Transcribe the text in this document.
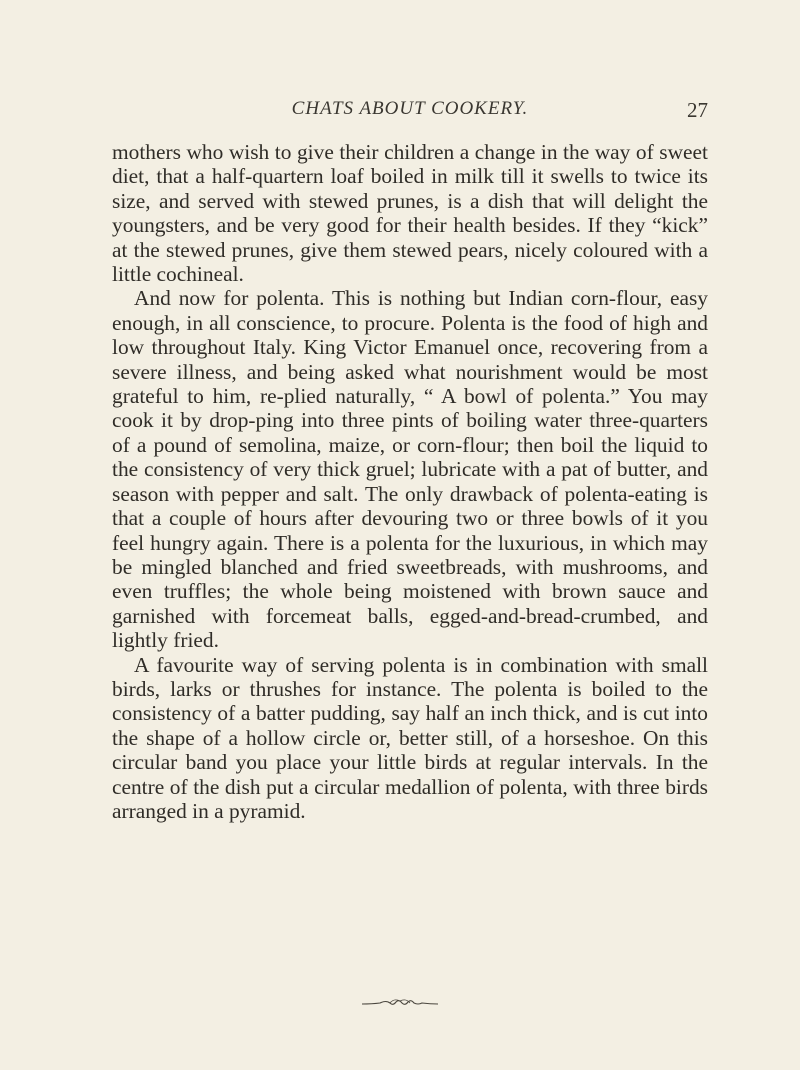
CHATS ABOUT COOKERY.	27

mothers who wish to give their children a change in the way of sweet diet, that a half-quartern loaf boiled in milk till it swells to twice its size, and served with stewed prunes, is a dish that will delight the youngsters, and be very good for their health besides. If they “kick” at the stewed prunes, give them stewed pears, nicely coloured with a little cochineal.

And now for polenta. This is nothing but Indian corn-flour, easy enough, in all conscience, to procure. Polenta is the food of high and low throughout Italy. King Victor Emanuel once, recovering from a severe illness, and being asked what nourishment would be most grateful to him, re-plied naturally, “ A bowl of polenta.” You may cook it by drop-ping into three pints of boiling water three-quarters of a pound of semolina, maize, or corn-flour; then boil the liquid to the consistency of very thick gruel; lubricate with a pat of butter, and season with pepper and salt. The only drawback of polenta-eating is that a couple of hours after devouring two or three bowls of it you feel hungry again. There is a polenta for the luxurious, in which may be mingled blanched and fried sweetbreads, with mushrooms, and even truffles; the whole being moistened with brown sauce and garnished with forcemeat balls, egged-and-bread-crumbed, and lightly fried.

A favourite way of serving polenta is in combination with small birds, larks or thrushes for instance. The polenta is boiled to the consistency of a batter pudding, say half an inch thick, and is cut into the shape of a hollow circle or, better still, of a horseshoe. On this circular band you place your little birds at regular intervals. In the centre of the dish put a circular medallion of polenta, with three birds arranged in a pyramid.
